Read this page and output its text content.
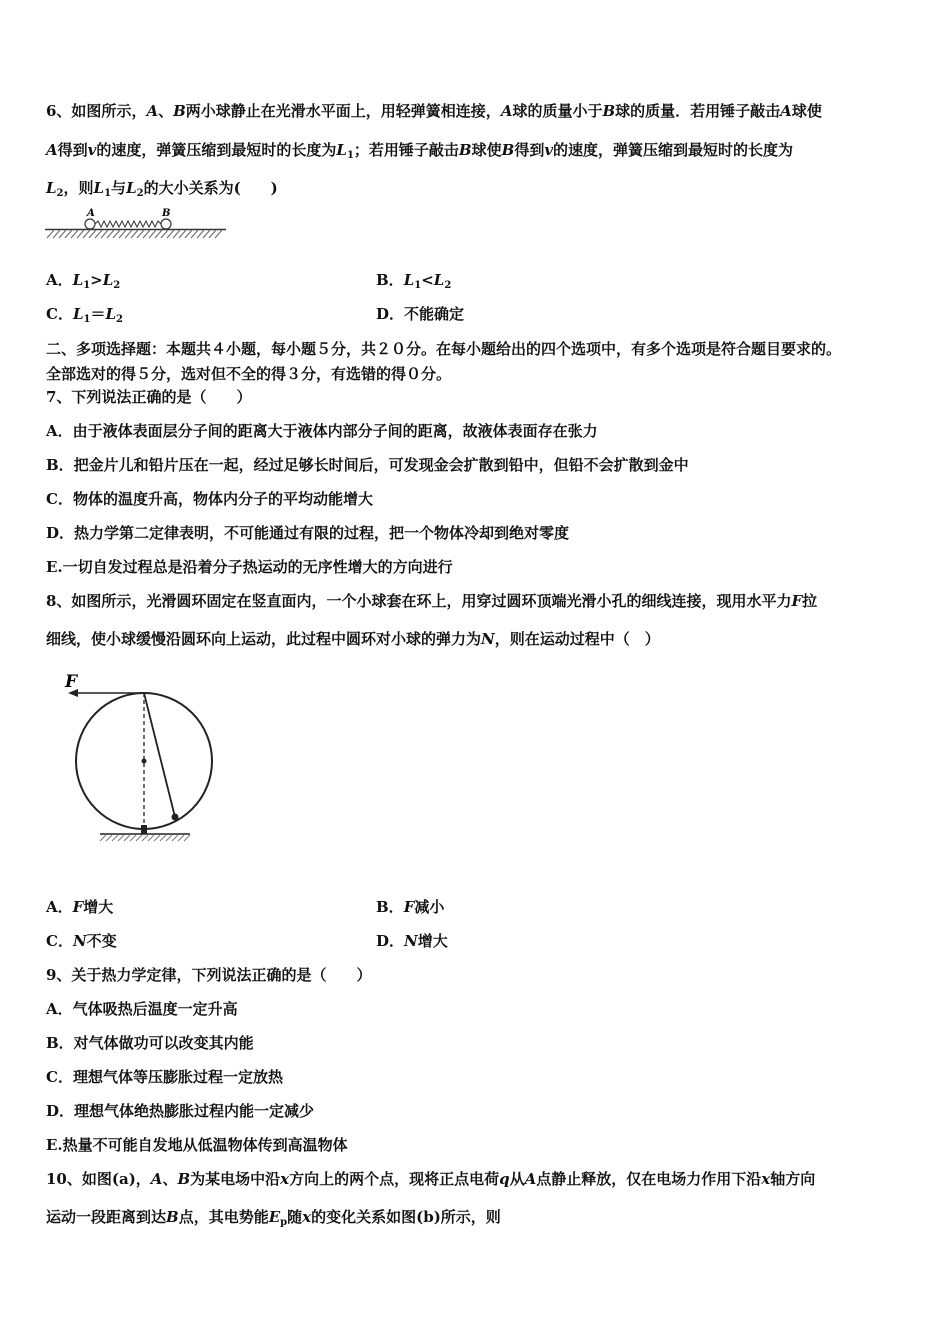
6、如图所示，A、B两小球静止在光滑水平面上，用轻弹簧相连接，A球的质量小于B球的质量．若用锤子敲击A球使
A得到v的速度，弹簧压缩到最短时的长度为$L_1$；若用锤子敲击B球使B得到v的速度，弹簧压缩到最短时的长度为
$L_2$，则$L_1$与$L_2$的大小关系为(　　)
A	B
A．$L_1>L_2$	B．$L_1<L_2$
C．$L_1=L_2$	D．不能确定
二、多项选择题：本题共４小题，每小题５分，共２０分。在每小题给出的四个选项中，有多个选项是符合题目要求的。
全部选对的得５分，选对但不全的得３分，有选错的得０分。
7、下列说法正确的是（　　）
A．由于液体表面层分子间的距离大于液体内部分子间的距离，故液体表面存在张力
B．把金片儿和铅片压在一起，经过足够长时间后，可发现金会扩散到铅中，但铅不会扩散到金中
C．物体的温度升高，物体内分子的平均动能增大
D．热力学第二定律表明，不可能通过有限的过程，把一个物体冷却到绝对零度
E.一切自发过程总是沿着分子热运动的无序性增大的方向进行
8、如图所示，光滑圆环固定在竖直面内，一个小球套在环上，用穿过圆环顶端光滑小孔的细线连接，现用水平力F拉
细线，使小球缓慢沿圆环向上运动，此过程中圆环对小球的弹力为N，则在运动过程中（　）
F
A．F增大	B．F减小
C．N不变	D．N增大
9、关于热力学定律，下列说法正确的是（　　）
A．气体吸热后温度一定升高
B．对气体做功可以改变其内能
C．理想气体等压膨胀过程一定放热
D．理想气体绝热膨胀过程内能一定减少
E.热量不可能自发地从低温物体传到高温物体
10、如图(a)，A、B为某电场中沿x方向上的两个点，现将正点电荷q从A点静止释放，仅在电场力作用下沿x轴方向
运动一段距离到达B点，其电势能$E_p$随x的变化关系如图(b)所示，则
